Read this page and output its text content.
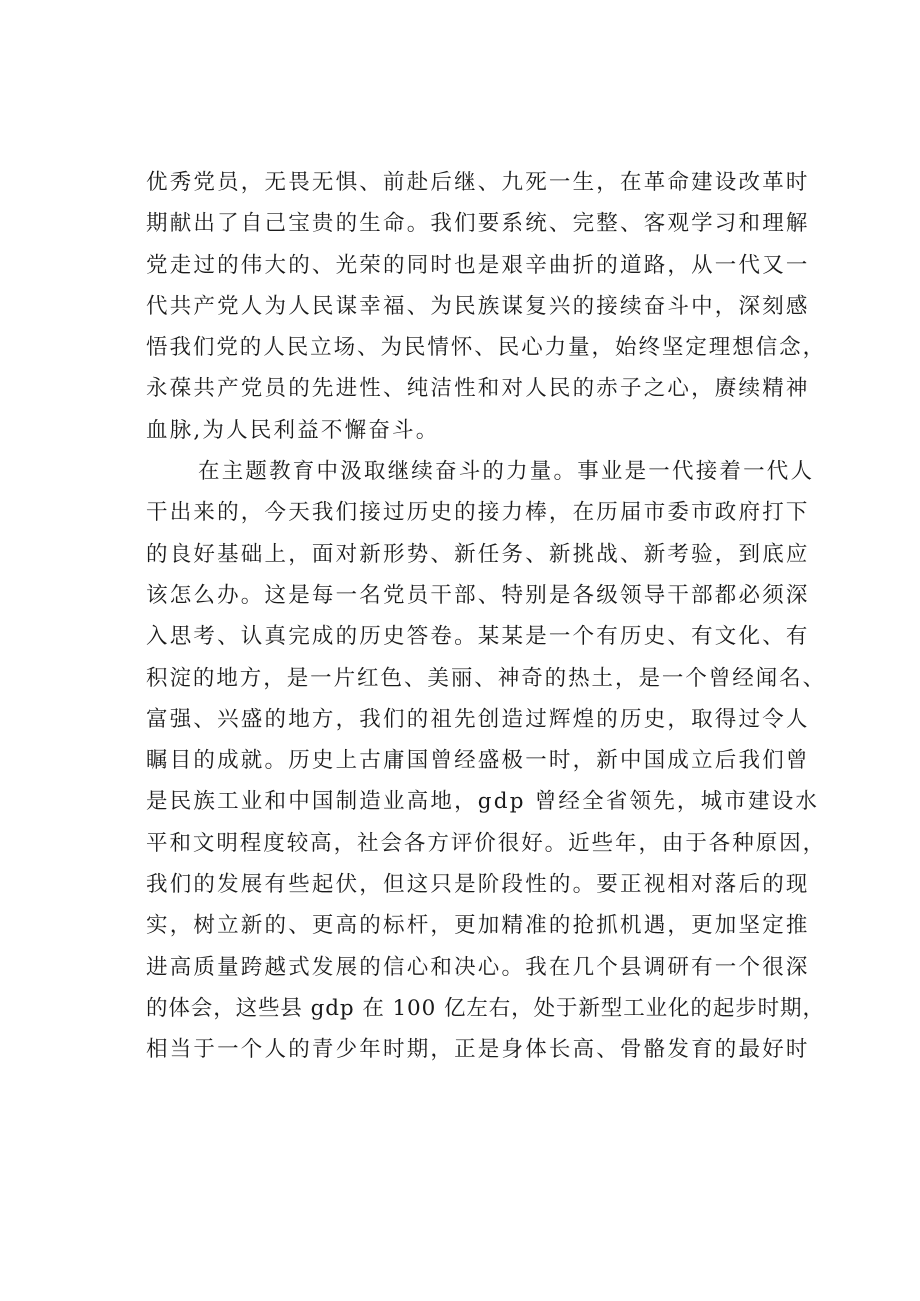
优秀党员，无畏无惧、前赴后继、九死一生，在革命建设改革时
期献出了自己宝贵的生命。我们要系统、完整、客观学习和理解
党走过的伟大的、光荣的同时也是艰辛曲折的道路，从一代又一
代共产党人为人民谋幸福、为民族谋复兴的接续奋斗中，深刻感
悟我们党的人民立场、为民情怀、民心力量，始终坚定理想信念，
永葆共产党员的先进性、纯洁性和对人民的赤子之心，赓续精神
血脉,为人民利益不懈奋斗。
在主题教育中汲取继续奋斗的力量。事业是一代接着一代人
干出来的，今天我们接过历史的接力棒，在历届市委市政府打下
的良好基础上，面对新形势、新任务、新挑战、新考验，到底应
该怎么办。这是每一名党员干部、特别是各级领导干部都必须深
入思考、认真完成的历史答卷。某某是一个有历史、有文化、有
积淀的地方，是一片红色、美丽、神奇的热土，是一个曾经闻名、
富强、兴盛的地方，我们的祖先创造过辉煌的历史，取得过令人
瞩目的成就。历史上古庸国曾经盛极一时，新中国成立后我们曾
是民族工业和中国制造业高地，gdp 曾经全省领先，城市建设水
平和文明程度较高，社会各方评价很好。近些年，由于各种原因，
我们的发展有些起伏，但这只是阶段性的。要正视相对落后的现
实，树立新的、更高的标杆，更加精准的抢抓机遇，更加坚定推
进高质量跨越式发展的信心和决心。我在几个县调研有一个很深
的体会，这些县 gdp 在 100 亿左右，处于新型工业化的起步时期，
相当于一个人的青少年时期，正是身体长高、骨骼发育的最好时
